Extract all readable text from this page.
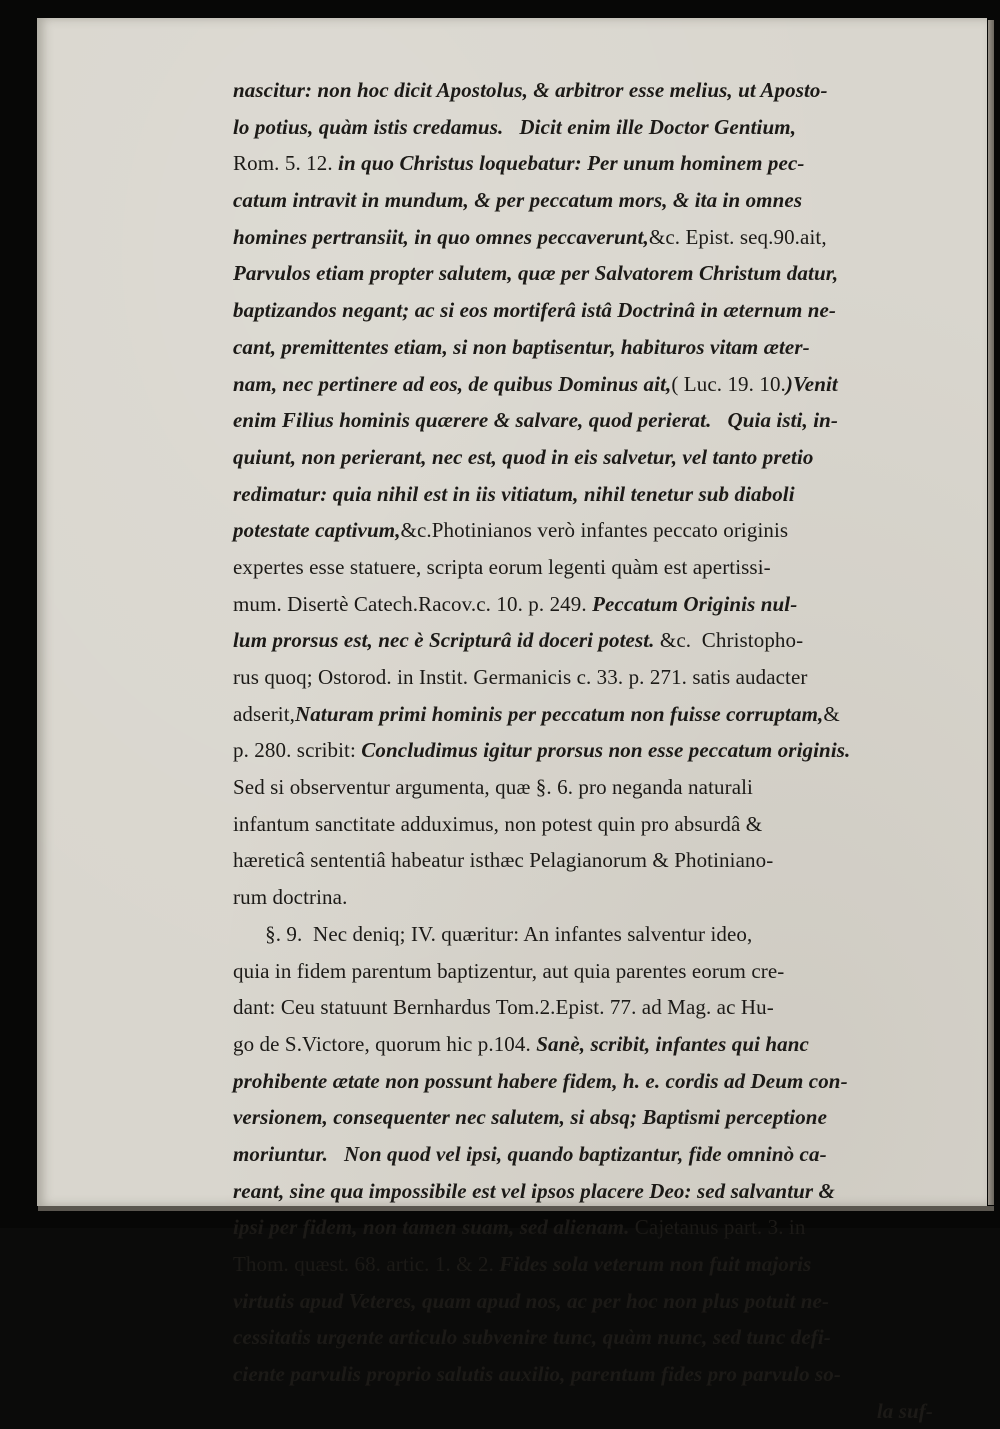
nascitur: non hoc dicit Apostolus, & arbitror esse melius, ut Aposto-
lo potius, quàm istis credamus.   Dicit enim ille Doctor Gentium,
Rom. 5. 12. in quo Christus loquebatur: Per unum hominem pec-
catum intravit in mundum, & per peccatum mors, & ita in omnes
homines pertransiit, in quo omnes peccaverunt,&c. Epist. seq.90.ait,
Parvulos etiam propter salutem, quæ per Salvatorem Christum datur,
baptizandos negant; ac si eos mortiferâ istâ Doctrinâ in æternum ne-
cant, premittentes etiam, si non baptisentur, habituros vitam æter-
nam, nec pertinere ad eos, de quibus Dominus ait,( Luc. 19. 10.)Venit
enim Filius hominis quærere & salvare, quod perierat.   Quia isti, in-
quiunt, non perierant, nec est, quod in eis salvetur, vel tanto pretio
redimatur: quia nihil est in iis vitiatum, nihil tenetur sub diaboli
potestate captivum,&c.Photinianos verò infantes peccato originis
expertes esse statuere, scripta eorum legenti quàm est apertissi-
mum. Disertè Catech.Racov.c. 10. p. 249. Peccatum Originis nul-
lum prorsus est, nec è Scripturâ id doceri potest. &c.  Christopho-
rus quoq; Ostorod. in Instit. Germanicis c. 33. p. 271. satis audacter
adserit,Naturam primi hominis per peccatum non fuisse corruptam,&
p. 280. scribit: Concludimus igitur prorsus non esse peccatum originis.
Sed si observentur argumenta, quæ §. 6. pro neganda naturali
infantum sanctitate adduximus, non potest quin pro absurdâ &
hæreticâ sententiâ habeatur isthæc Pelagianorum & Photiniano-
rum doctrina.
§. 9.  Nec deniq; IV. quæritur: An infantes salventur ideo,
quia in fidem parentum baptizentur, aut quia parentes eorum cre-
dant: Ceu statuunt Bernhardus Tom.2.Epist. 77. ad Mag. ac Hu-
go de S.Victore, quorum hic p.104. Sanè, scribit, infantes qui hanc
prohibente ætate non possunt habere fidem, h. e. cordis ad Deum con-
versionem, consequenter nec salutem, si absq; Baptismi perceptione
moriuntur.   Non quod vel ipsi, quando baptizantur, fide omninò ca-
reant, sine qua impossibile est vel ipsos placere Deo: sed salvantur &
ipsi per fidem, non tamen suam, sed alienam. Cajetanus part. 3. in
Thom. quæst. 68. artic. 1. & 2. Fides sola veterum non fuit majoris
virtutis apud Veteres, quam apud nos, ac per hoc non plus potuit ne-
cessitatis urgente articulo subvenire tunc, quàm nunc, sed tunc defi-
ciente parvulis proprio salutis auxilio, parentum fides pro parvulo so-
la suf-
